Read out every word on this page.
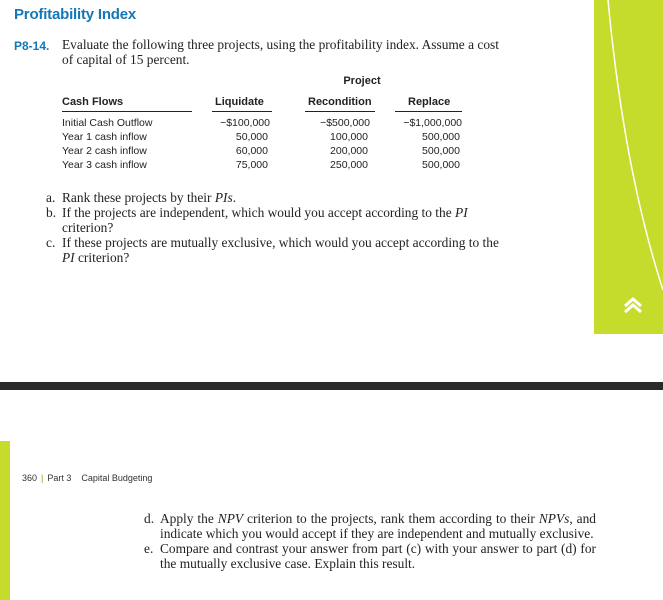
Profitability Index
P8-14. Evaluate the following three projects, using the profitability index. Assume a cost of capital of 15 percent.
Project
Cash Flows	Liquidate	Recondition	Replace
Initial Cash Outflow	−$100,000	−$500,000	−$1,000,000
Year 1 cash inflow	50,000	100,000	500,000
Year 2 cash inflow	60,000	200,000	500,000
Year 3 cash inflow	75,000	250,000	500,000
a. Rank these projects by their PIs.
b. If the projects are independent, which would you accept according to the PI criterion?
c. If these projects are mutually exclusive, which would you accept according to the PI criterion?
360 | Part 3 Capital Budgeting
d. Apply the NPV criterion to the projects, rank them according to their NPVs, and indicate which you would accept if they are independent and mutually exclusive.
e. Compare and contrast your answer from part (c) with your answer to part (d) for the mutually exclusive case. Explain this result.
